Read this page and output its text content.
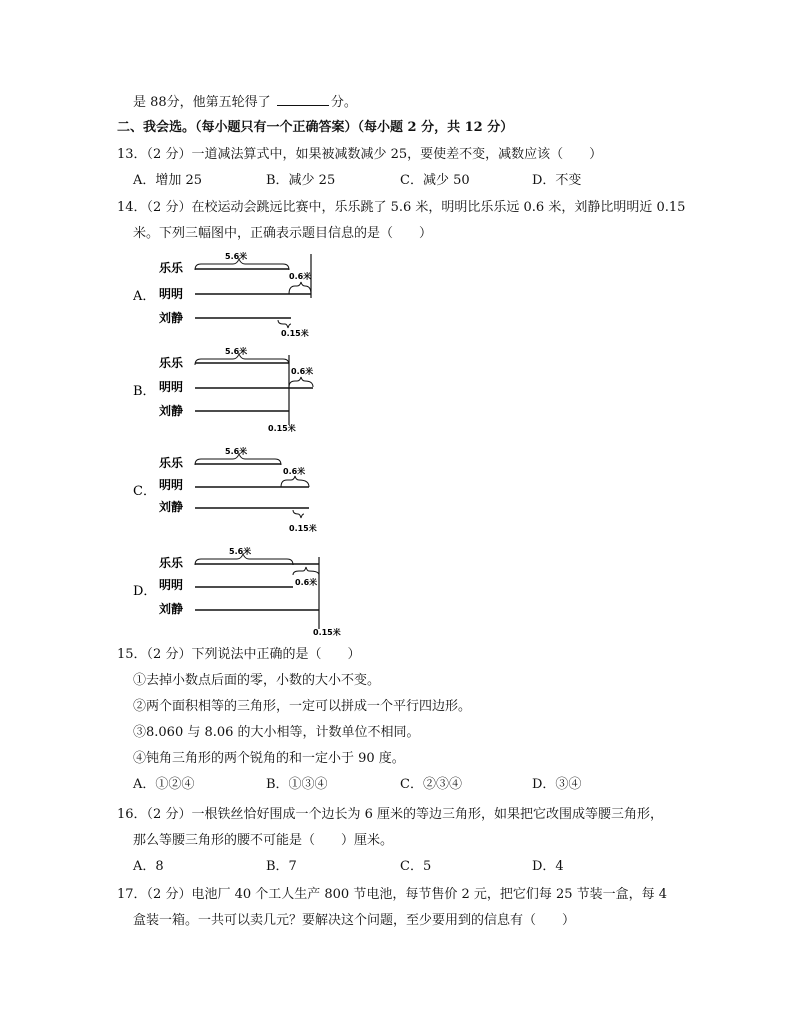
是 88分，他第五轮得了	分。
二、我会选。（每小题只有一个正确答案）（每小题 2 分，共 12 分）
13．（2 分）一道减法算式中，如果被减数减少 25，要使差不变，减数应该（　　）
A．增加 25	B．减少 25	C．减少 50	D．不变
14．（2 分）在校运动会跳远比赛中，乐乐跳了 5.6 米，明明比乐乐远 0.6 米，刘静比明明近 0.15
米。下列三幅图中，正确表示题目信息的是（　　）
A．
乐乐
明明
刘静
5.6米
0.6米
0.15米
B．
乐乐
明明
刘静
5.6米
0.6米
0.15米
C．
乐乐
明明
刘静
5.6米
0.6米
0.15米
D．
乐乐
明明
刘静
5.6米
0.6米
0.15米
15．（2 分）下列说法中正确的是（　　）
①去掉小数点后面的零，小数的大小不变。
②两个面积相等的三角形，一定可以拼成一个平行四边形。
③8.060 与 8.06 的大小相等，计数单位不相同。
④钝角三角形的两个锐角的和一定小于 90 度。
A．①②④	B．①③④	C．②③④	D．③④
16．（2 分）一根铁丝恰好围成一个边长为 6 厘米的等边三角形，如果把它改围成等腰三角形，
那么等腰三角形的腰不可能是（　　）厘米。
A．8	B．7	C．5	D．4
17．（2 分）电池厂 40 个工人生产 800 节电池，每节售价 2 元，把它们每 25 节装一盒，每 4
盒装一箱。一共可以卖几元？要解决这个问题，至少要用到的信息有（　　）
